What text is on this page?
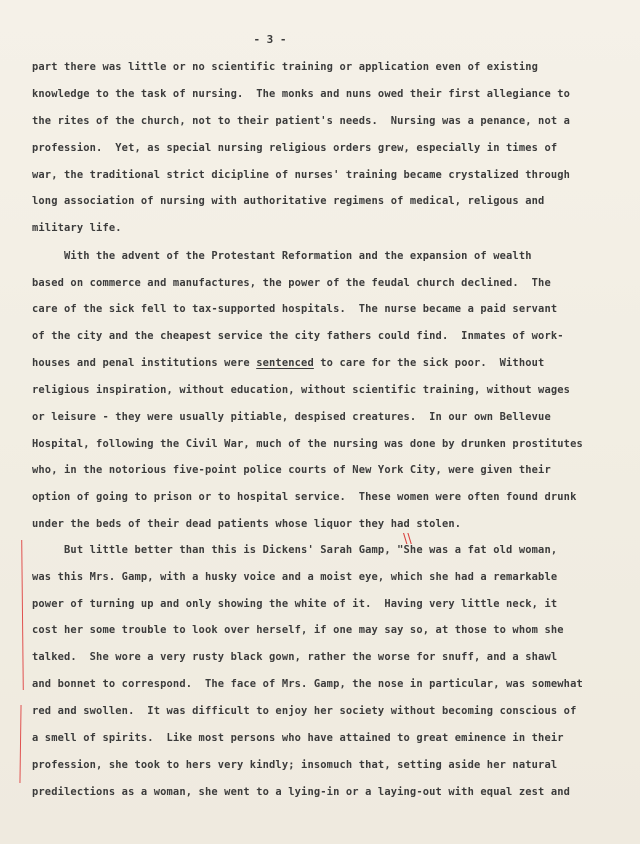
- 3 -
part there was little or no scientific training or application even of existing
knowledge to the task of nursing.  The monks and nuns owed their first allegiance to
the rites of the church, not to their patient's needs.  Nursing was a penance, not a
profession.  Yet, as special nursing religious orders grew, especially in times of
war, the traditional strict dicipline of nurses' training became crystalized through
long association of nursing with authoritative regimens of medical, religous and
military life.
With the advent of the Protestant Reformation and the expansion of wealth
based on commerce and manufactures, the power of the feudal church declined.  The
care of the sick fell to tax-supported hospitals.  The nurse became a paid servant
of the city and the cheapest service the city fathers could find.  Inmates of work-
houses and penal institutions were sentenced to care for the sick poor.  Without
religious inspiration, without education, without scientific training, without wages
or leisure - they were usually pitiable, despised creatures.  In our own Bellevue
Hospital, following the Civil War, much of the nursing was done by drunken prostitutes
who, in the notorious five-point police courts of New York City, were given their
option of going to prison or to hospital service.  These women were often found drunk
under the beds of their dead patients whose liquor they had stolen.
But little better than this is Dickens' Sarah Gamp, "She was a fat old woman,
was this Mrs. Gamp, with a husky voice and a moist eye, which she had a remarkable
power of turning up and only showing the white of it.  Having very little neck, it
cost her some trouble to look over herself, if one may say so, at those to whom she
talked.  She wore a very rusty black gown, rather the worse for snuff, and a shawl
and bonnet to correspond.  The face of Mrs. Gamp, the nose in particular, was somewhat
red and swollen.  It was difficult to enjoy her society without becoming conscious of
a smell of spirits.  Like most persons who have attained to great eminence in their
profession, she took to hers very kindly; insomuch that, setting aside her natural
predilections as a woman, she went to a lying-in or a laying-out with equal zest and
\\
